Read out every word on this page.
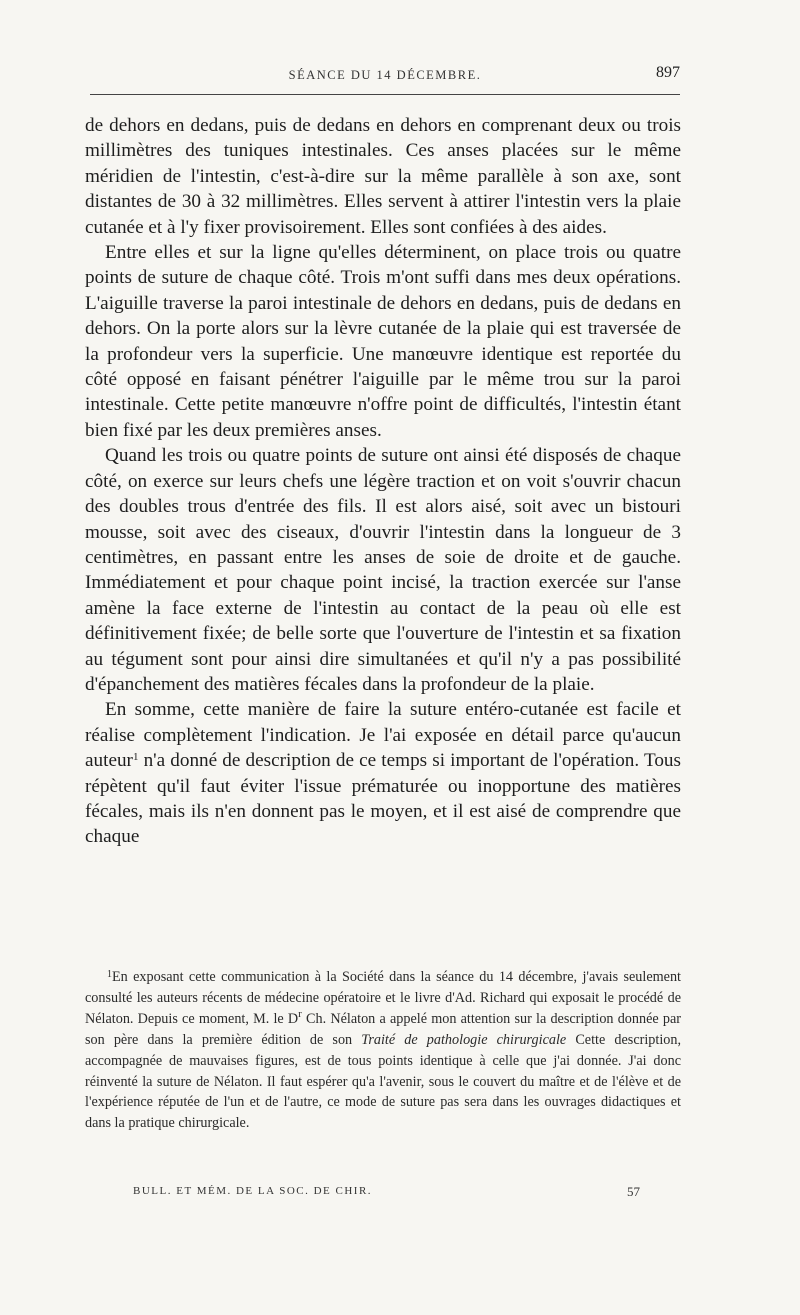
SÉANCE DU 14 DÉCEMBRE.	897

de dehors en dedans, puis de dedans en dehors en comprenant deux ou trois millimètres des tuniques intestinales. Ces anses placées sur le même méridien de l'intestin, c'est-à-dire sur la même parallèle à son axe, sont distantes de 30 à 32 millimètres. Elles servent à attirer l'intestin vers la plaie cutanée et à l'y fixer provisoirement. Elles sont confiées à des aides.

Entre elles et sur la ligne qu'elles déterminent, on place trois ou quatre points de suture de chaque côté. Trois m'ont suffi dans mes deux opérations. L'aiguille traverse la paroi intestinale de dehors en dedans, puis de dedans en dehors. On la porte alors sur la lèvre cutanée de la plaie qui est traversée de la profondeur vers la superficie. Une manœuvre identique est reportée du côté opposé en faisant pénétrer l'aiguille par le même trou sur la paroi intestinale. Cette petite manœuvre n'offre point de difficultés, l'intestin étant bien fixé par les deux premières anses.

Quand les trois ou quatre points de suture ont ainsi été disposés de chaque côté, on exerce sur leurs chefs une légère traction et on voit s'ouvrir chacun des doubles trous d'entrée des fils. Il est alors aisé, soit avec un bistouri mousse, soit avec des ciseaux, d'ouvrir l'intestin dans la longueur de 3 centimètres, en passant entre les anses de soie de droite et de gauche. Immédiatement et pour chaque point incisé, la traction exercée sur l'anse amène la face externe de l'intestin au contact de la peau où elle est définitivement fixée; de belle sorte que l'ouverture de l'intestin et sa fixation au tégument sont pour ainsi dire simultanées et qu'il n'y a pas possibilité d'épanchement des matières fécales dans la profondeur de la plaie.

En somme, cette manière de faire la suture entéro-cutanée est facile et réalise complètement l'indication. Je l'ai exposée en détail parce qu'aucun auteur$^1$ n'a donné de description de ce temps si important de l'opération. Tous répètent qu'il faut éviter l'issue prématurée ou inopportune des matières fécales, mais ils n'en donnent pas le moyen, et il est aisé de comprendre que chaque

$^1$En exposant cette communication à la Société dans la séance du 14 décembre, j'avais seulement consulté les auteurs récents de médecine opératoire et le livre d'Ad. Richard qui exposait le procédé de Nélaton. Depuis ce moment, M. le $D^r$ Ch. Nélaton a appelé mon attention sur la description donnée par son père dans la première édition de son Traité de pathologie chirurgicale Cette description, accompagnée de mauvaises figures, est de tous points identique à celle que j'ai donnée. J'ai donc réinventé la suture de Nélaton. Il faut espérer qu'a l'avenir, sous le couvert du maître et de l'élève et de l'expérience réputée de l'un et de l'autre, ce mode de suture pas sera dans les ouvrages didactiques et dans la pratique chirurgicale.
BULL. ET MÉM. DE LA SOC. DE CHIR.	57
